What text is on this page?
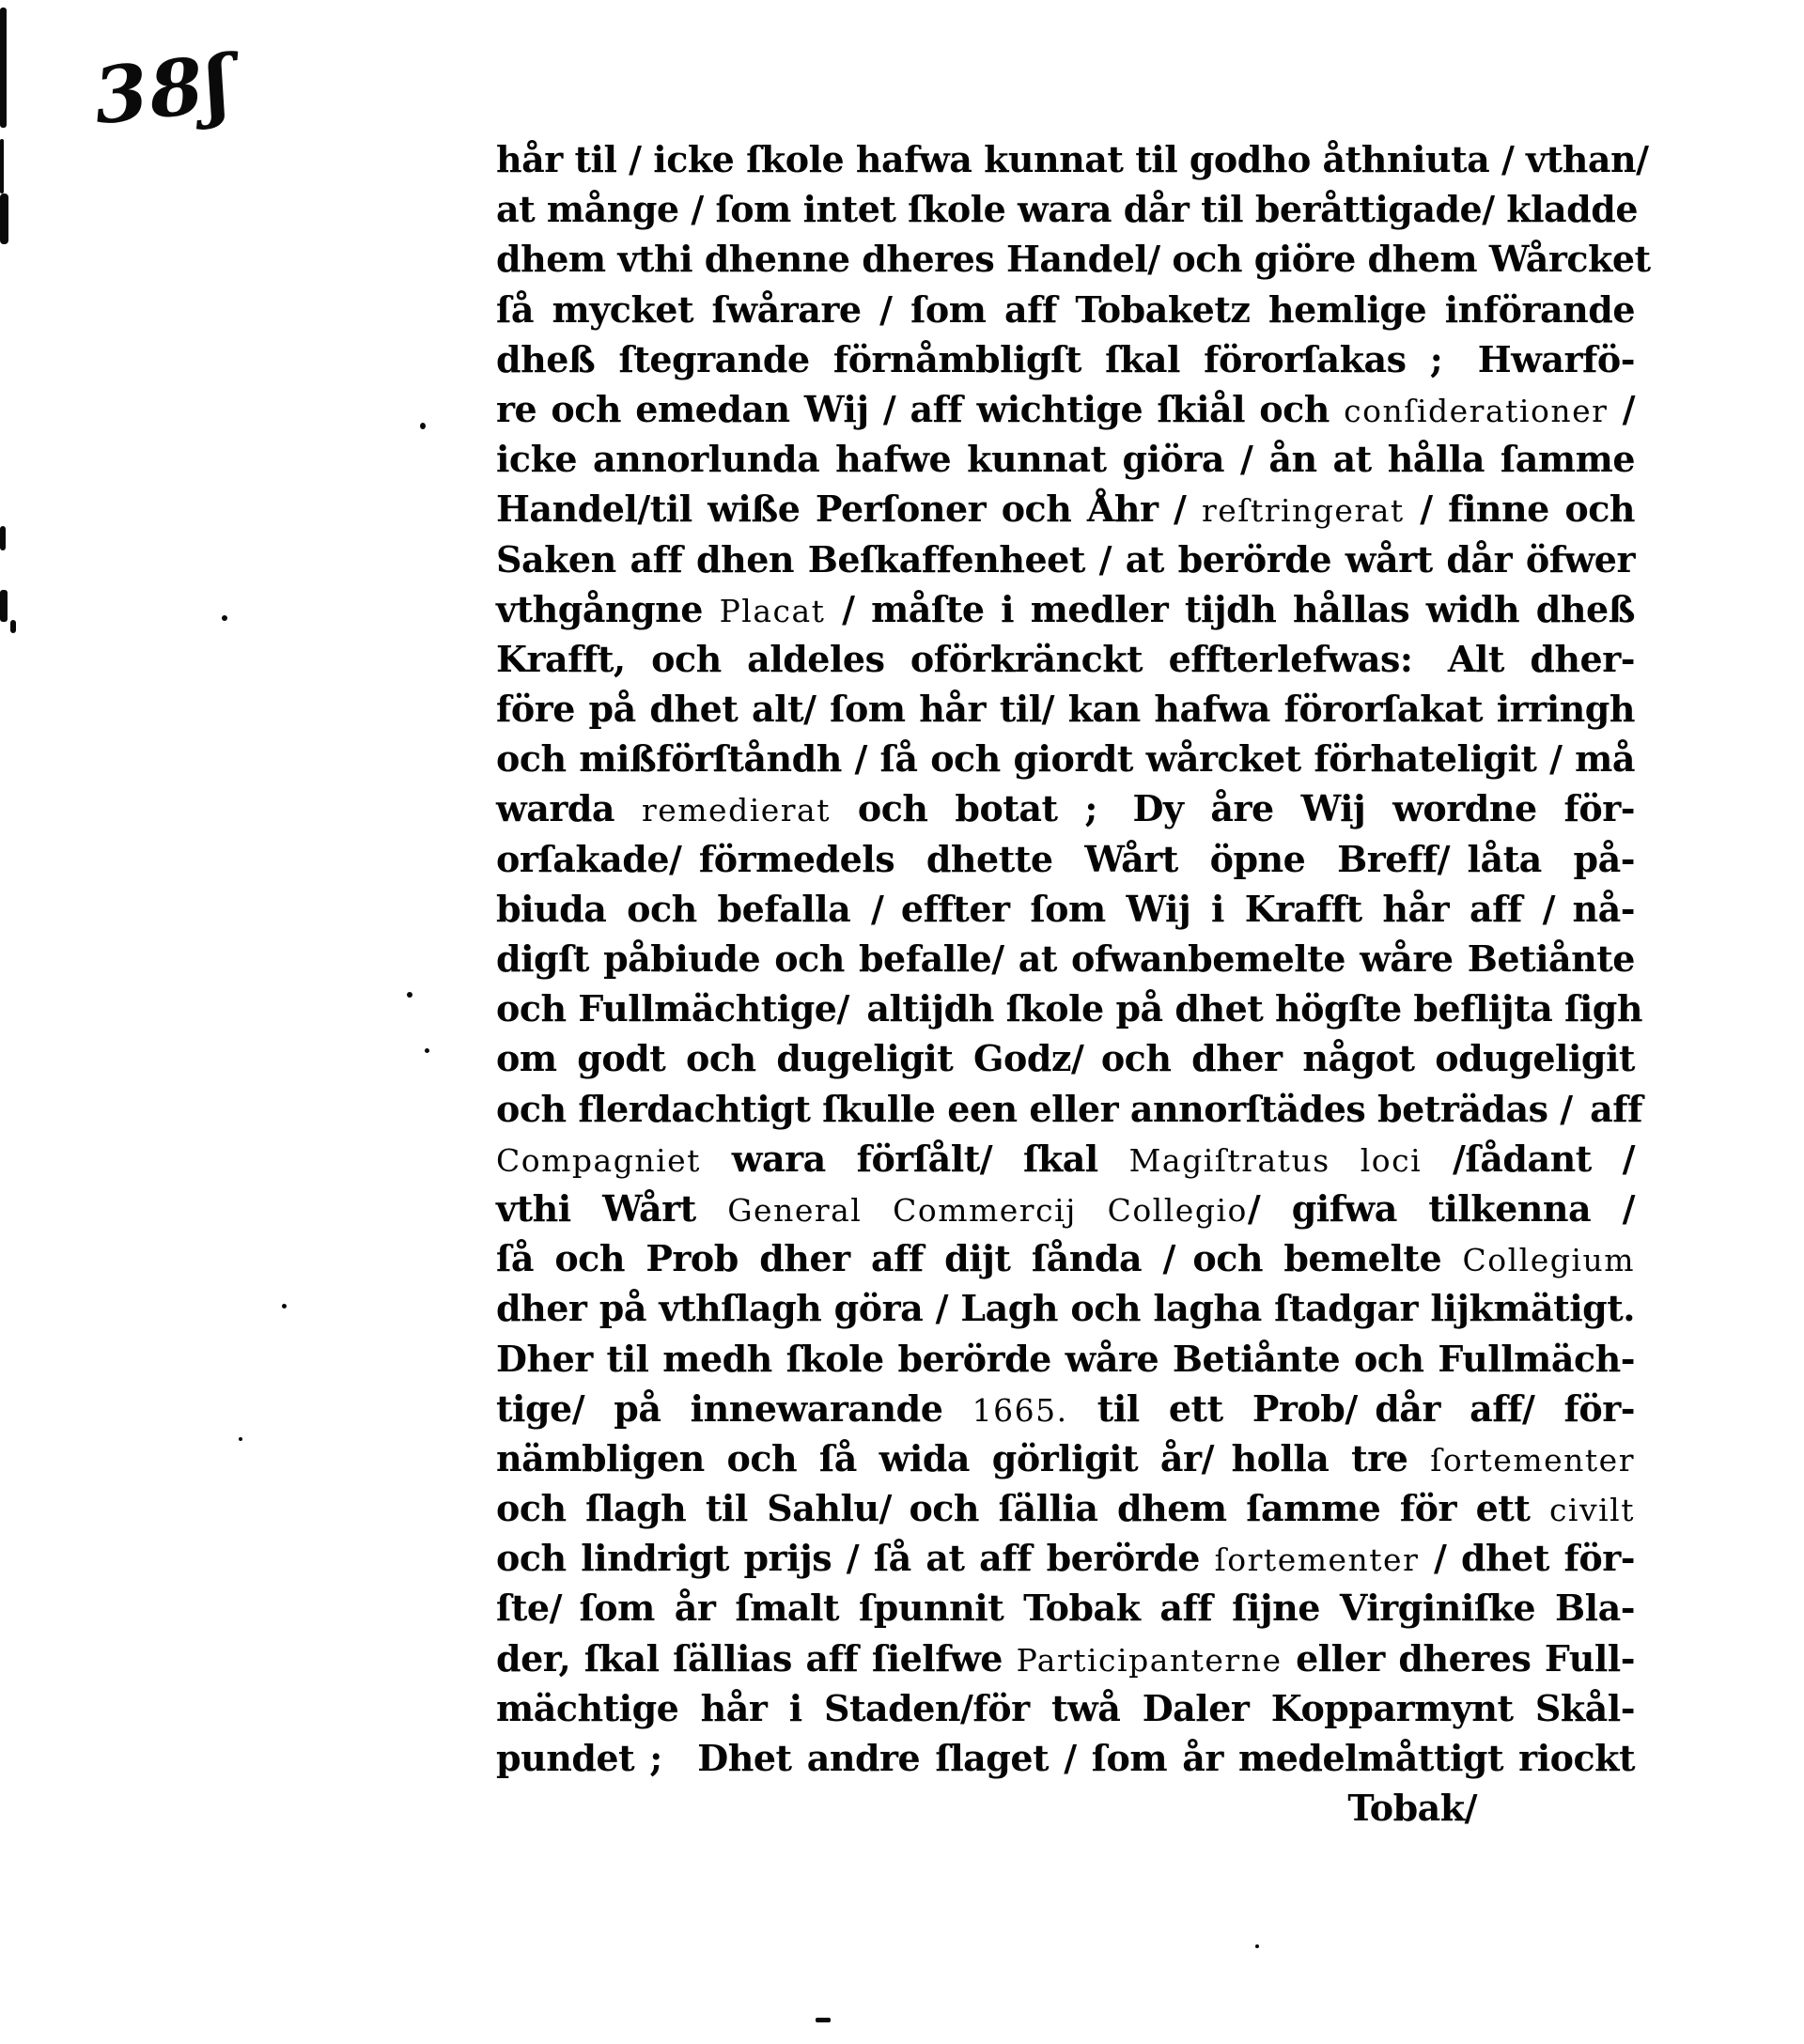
38ʃ
hår til / icke ſkole hafwa kunnat til godho åthniuta / vthan/
at månge / ſom intet ſkole wara dår til beråttigade/ kladde
dhem vthi dhenne dheres Handel/ och giöre dhem Wårcket
ſå mycket ſwårare / ſom aff Tobaketz hemlige införande
dheß ſtegrande förnåmbligſt ſkal förorſakas ; Hwarfö-
re och emedan Wij / aff wichtige ſkiål och conſiderationer /
icke annorlunda hafwe kunnat giöra / ån at hålla ſamme
Handel/til wiße Perſoner och Åhr / reſtringerat / finne och
Saken aff dhen Beſkaffenheet / at berörde wårt dår öfwer
vthgångne Placat / måſte i medler tijdh hållas widh dheß
Krafft, och aldeles oförkränckt effterlefwas: Alt dher-
före på dhet alt/ ſom hår til/ kan hafwa förorſakat irringh
och mißförſtåndh / ſå och giordt wårcket förhateligit / må
warda remedierat och botat ; Dy åre Wij wordne för-
orſakade/ förmedels dhette Wårt öpne Breff/ låta på-
biuda och befalla / effter ſom Wij i Krafft hår aff / nå-
digſt påbiude och befalle/ at ofwanbemelte wåre Betiånte
och Fullmächtige/ altijdh ſkole på dhet högſte beflijta ſigh
om godt och dugeligit Godz/ och dher något odugeligit
och flerdachtigt ſkulle een eller annorſtädes beträdas / aff
Compagniet wara förſålt/ ſkal Magiſtratus loci /ſådant /
vthi Wårt General Commercij Collegio/ gifwa tilkenna /
ſå och Prob dher aff dijt ſånda / och bemelte Collegium
dher på vthſlagh göra / Lagh och lagha ſtadgar lijkmätigt.
Dher til medh ſkole berörde wåre Betiånte och Fullmäch-
tige/ på innewarande 1665. til ett Prob/ dår aff/ för-
nämbligen och ſå wida görligit år/ holla tre ſortementer
och ſlagh til Sahlu/ och ſällia dhem ſamme för ett civilt
och lindrigt prijs / ſå at aff berörde ſortementer / dhet för-
ſte/ ſom år ſmalt ſpunnit Tobak aff ſijne Virginiſke Bla-
der, ſkal ſällias aff ſielfwe Participanterne eller dheres Full-
mächtige hår i Staden/för twå Daler Kopparmynt Skål-
pundet ; Dhet andre ſlaget / ſom år medelmåttigt riockt
Tobak/
